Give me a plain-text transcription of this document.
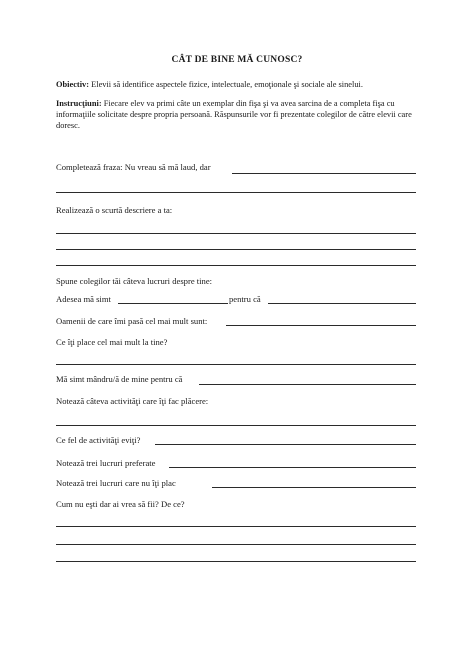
CÂT DE BINE MĂ CUNOSC?

Obiectiv: Elevii să identifice aspectele fizice, intelectuale, emoţionale şi sociale ale sinelui.

Instrucţiuni: Fiecare elev va primi câte un exemplar din fişa şi va avea sarcina de a completa fişa cu informaţiile solicitate despre propria persoană. Răspunsurile vor fi prezentate colegilor de către elevii care doresc.

Completează fraza: Nu vreau să mă laud, dar

Realizează o scurtă descriere a ta:

Spune colegilor tăi câteva lucruri despre tine:

Adesea mă simt	pentru că

Oamenii de care îmi pasă cel mai mult sunt:

Ce îţi place cel mai mult la tine?

Mă simt mândru/ă de mine pentru că

Notează câteva activităţi care îţi fac plăcere:

Ce fel de activităţi eviţi?

Notează trei lucruri preferate

Notează trei lucruri care nu îţi plac

Cum nu eşti dar ai vrea să fii? De ce?
